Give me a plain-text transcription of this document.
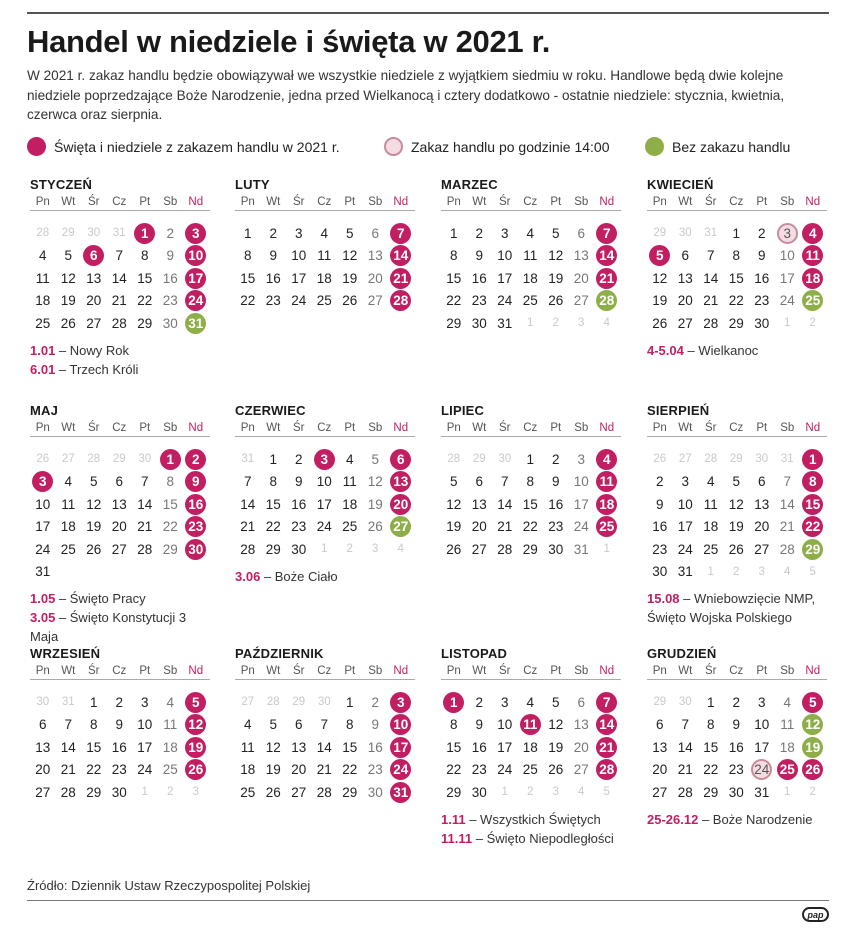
Handel w niedziele i święta w 2021 r.
W 2021 r. zakaz handlu będzie obowiązywał we wszystkie niedziele z wyjątkiem siedmiu w roku. Handlowe będą dwie kolejne niedziele poprzedzające Boże Narodzenie, jedna przed Wielkanocą i cztery dodatkowo - ostatnie niedziele: stycznia, kwietnia, czerwca oraz sierpnia.
Święta i niedziele z zakazem handlu w 2021 r.	Zakaz handlu po godzinie 14:00	Bez zakazu handlu
STYCZEŃ
Pn Wt	Śr	Cz	Pt	Sb Nd
28	29	30	31	1	2	3
4	5	6	7	8	9	10
11 12 13 14 15 16 17
18 19 20 21 22 23 24
25 26 27 28 29 30 31
1.01 – Nowy Rok
6.01 – Trzech Króli
LUTY
Pn Wt	Śr	Cz	Pt	Sb Nd
1	2	3	4	5	6	7
8	9	10 11 12 13 14
15 16 17 18 19 20 21
22 23 24 25 26 27 28
MARZEC
Pn Wt	Śr	Cz	Pt	Sb Nd
1	2	3	4	5	6	7
8	9	10 11 12 13 14
15 16 17 18 19 20 21
22 23 24 25 26 27 28
29 30 31	1	2	3	4
KWIECIEŃ
Pn Wt	Śr	Cz	Pt	Sb Nd
29	30	31	1	2	3	4
5	6	7	8	9	10 11
12 13 14 15 16 17 18
19 20 21 22 23 24 25
26 27 28 29 30	1	2
4-5.04 – Wielkanoc
MAJ
Pn Wt	Śr	Cz	Pt	Sb Nd
26	27	28	29	30	1	2
3	4	5	6	7	8	9
10 11 12 13 14 15 16
17 18 19 20 21 22 23
24 25 26 27 28 29 30
31
1.05 – Święto Pracy
3.05 – Święto Konstytucji 3 Maja
CZERWIEC
Pn Wt	Śr	Cz	Pt	Sb Nd
31	1	2	3	4	5	6
7	8	9	10 11 12 13
14 15 16 17 18 19 20
21 22 23 24 25 26 27
28 29 30	1	2	3	4
3.06 – Boże Ciało
LIPIEC
Pn Wt	Śr	Cz	Pt	Sb Nd
28	29	30	1	2	3	4
5	6	7	8	9	10 11
12 13 14 15 16 17 18
19 20 21 22 23 24 25
26 27 28 29 30 31	1
SIERPIEŃ
Pn Wt	Śr	Cz	Pt	Sb Nd
26	27	28	29	30	31	1
2	3	4	5	6	7	8
9	10 11 12 13 14 15
16 17 18 19 20 21 22
23 24 25 26 27 28 29
30 31	1	2	3	4	5
15.08 – Wniebowzięcie NMP, Święto Wojska Polskiego
WRZESIEŃ
Pn Wt	Śr	Cz	Pt	Sb Nd
30	31	1	2	3	4	5
6	7	8	9	10 11 12
13 14 15 16 17 18 19
20 21 22 23 24 25 26
27 28 29 30	1	2	3
PAŹDZIERNIK
Pn Wt	Śr	Cz	Pt	Sb Nd
27	28	29	30	1	2	3
4	5	6	7	8	9	10
11 12 13 14 15 16 17
18 19 20 21 22 23 24
25 26 27 28 29 30 31
LISTOPAD
Pn Wt	Śr	Cz	Pt	Sb Nd
1	2	3	4	5	6	7
8	9	10 11 12 13 14
15 16 17 18 19 20 21
22 23 24 25 26 27 28
29 30	1	2	3	4	5
1.11 – Wszystkich Świętych
11.11 – Święto Niepodległości
GRUDZIEŃ
Pn Wt	Śr	Cz	Pt	Sb Nd
29	30	1	2	3	4	5
6	7	8	9	10 11 12
13 14 15 16 17 18 19
20 21 22 23 24 25 26
27 28 29 30 31	1	2
25-26.12 – Boże Narodzenie
Źródło: Dziennik Ustaw Rzeczypospolitej Polskiej
pap
